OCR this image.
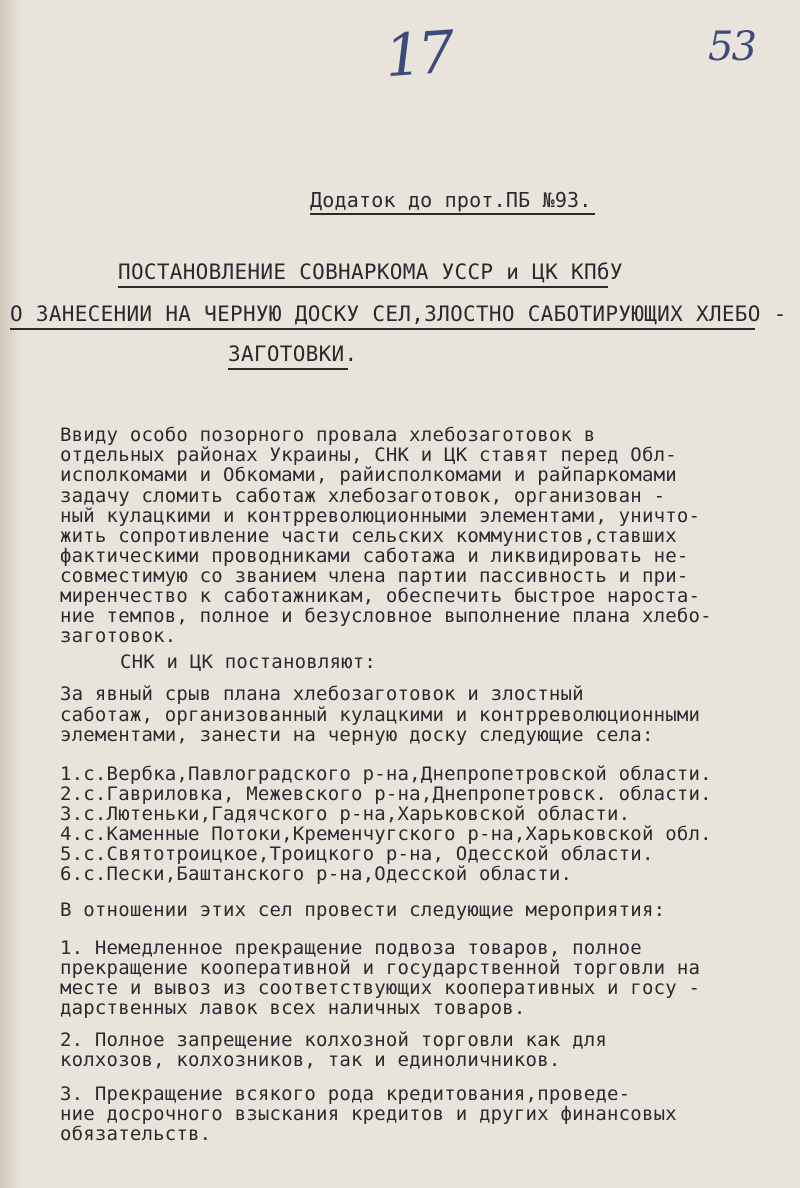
17	53
Додаток до прот.ПБ №93.
ПОСТАНОВЛЕНИЕ СОВНАРКОМА УССР и ЦК КПбУ
О ЗАНЕСЕНИИ НА ЧЕРНУЮ ДОСКУ СЕЛ,ЗЛОСТНО САБОТИРУЮЩИХ ХЛЕБО -
ЗАГОТОВКИ.
Ввиду особо позорного провала хлебозаготовок в
отдельных районах Украины, СНК и ЦК ставят перед Обл-
исполкомами и Обкомами, райисполкомами и райпаркомами
задачу сломить саботаж хлебозаготовок, организован -
ный кулацкими и контрреволюционными элементами, уничто-
жить сопротивление части сельских коммунистов,ставших
фактическими проводниками саботажа и ликвидировать не-
совместимую со званием члена партии пассивность и при-
миренчество к саботажникам, обеспечить быстрое наростa-
ние темпов, полное и безусловное выполнение плана хлебо-
заготовок.
СНК и ЦК постановляют:
За явный срыв плана хлебозаготовок и злостный
саботаж, организованный кулацкими и контрреволюционными
элементами, занести на черную доску следующие села:
1.с.Вербка,Павлоградского р-на,Днепропетровской области.
2.с.Гавриловка, Межевского р-на,Днепропетровск. области.
3.с.Лютеньки,Гадячского р-на,Харьковской области.
4.с.Каменные Потоки,Кременчугского р-на,Харьковской обл.
5.с.Святотроицкое,Троицкого р-на, Одесской области.
6.с.Пески,Баштанского р-на,Одесской области.
В отношении этих сел провести следующие мероприятия:
1. Немедленное прекращение подвоза товаров, полное
прекращение кооперативной и государственной торговли на
месте и вывоз из соответствующих кооперативных и госу -
дарственных лавок всех наличных товаров.
2. Полное запрещение колхозной торговли как для
колхозов, колхозников, так и единоличников.
3. Прекращение всякого рода кредитования,проведе-
ние досрочного взыскания кредитов и других финансовых
обязательств.
